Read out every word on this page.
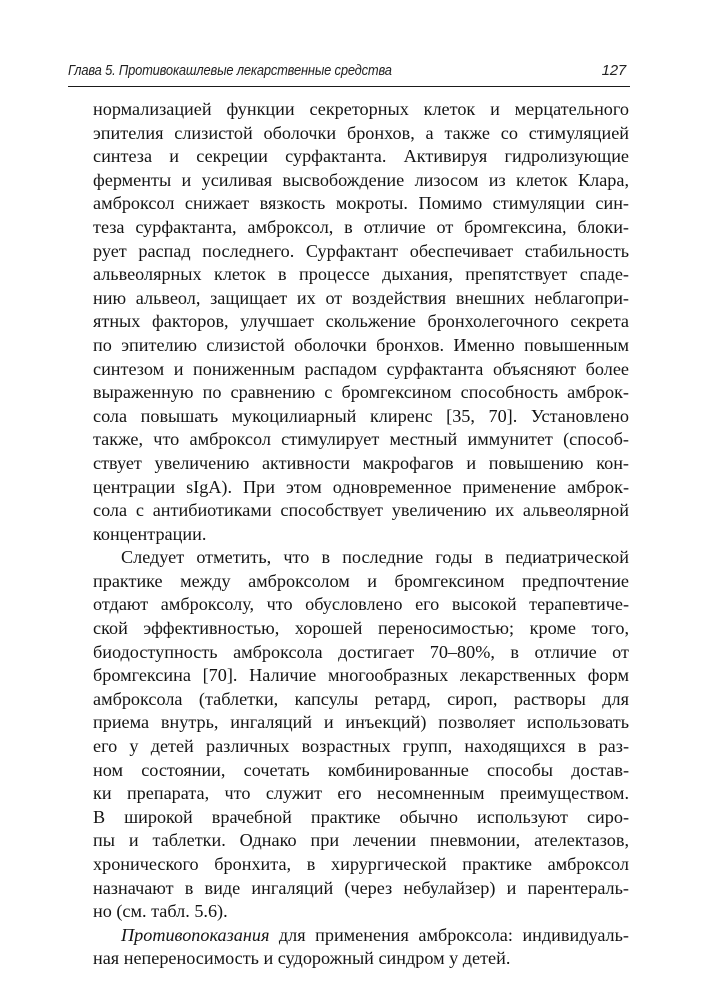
Глава 5. Противокашлевые лекарственные средства	127
нормализацией функции секреторных клеток и мерцательного
эпителия слизистой оболочки бронхов, а также со стимуляцией
синтеза и секреции сурфактанта. Активируя гидролизующие
ферменты и усиливая высвобождение лизосом из клеток Клара,
амброксол снижает вязкость мокроты. Помимо стимуляции син-
теза сурфактанта, амброксол, в отличие от бромгексина, блоки-
рует распад последнего. Сурфактант обеспечивает стабильность
альвеолярных клеток в процессе дыхания, препятствует спаде-
нию альвеол, защищает их от воздействия внешних неблагопри-
ятных факторов, улучшает скольжение бронхолегочного секрета
по эпителию слизистой оболочки бронхов. Именно повышенным
синтезом и пониженным распадом сурфактанта объясняют более
выраженную по сравнению с бромгексином способность амброк-
сола повышать мукоцилиарный клиренс [35, 70]. Установлено
также, что амброксол стимулирует местный иммунитет (способ-
ствует увеличению активности макрофагов и повышению кон-
центрации sIgA). При этом одновременное применение амброк-
сола с антибиотиками способствует увеличению их альвеолярной
концентрации.
Следует отметить, что в последние годы в педиатрической
практике между амброксолом и бромгексином предпочтение
отдают амброксолу, что обусловлено его высокой терапевтиче-
ской эффективностью, хорошей переносимостью; кроме того,
биодоступность амброксола достигает 70–80%, в отличие от
бромгексина [70]. Наличие многообразных лекарственных форм
амброксола (таблетки, капсулы ретард, сироп, растворы для
приема внутрь, ингаляций и инъекций) позволяет использовать
его у детей различных возрастных групп, находящихся в раз-
ном состоянии, сочетать комбинированные способы достав-
ки препарата, что служит его несомненным преимуществом.
В широкой врачебной практике обычно используют сиро-
пы и таблетки. Однако при лечении пневмонии, ателектазов,
хронического бронхита, в хирургической практике амброксол
назначают в виде ингаляций (через небулайзер) и парентераль-
но (см. табл. 5.6).
Противопоказания для применения амброксола: индивидуаль-
ная непереносимость и судорожный синдром у детей.
